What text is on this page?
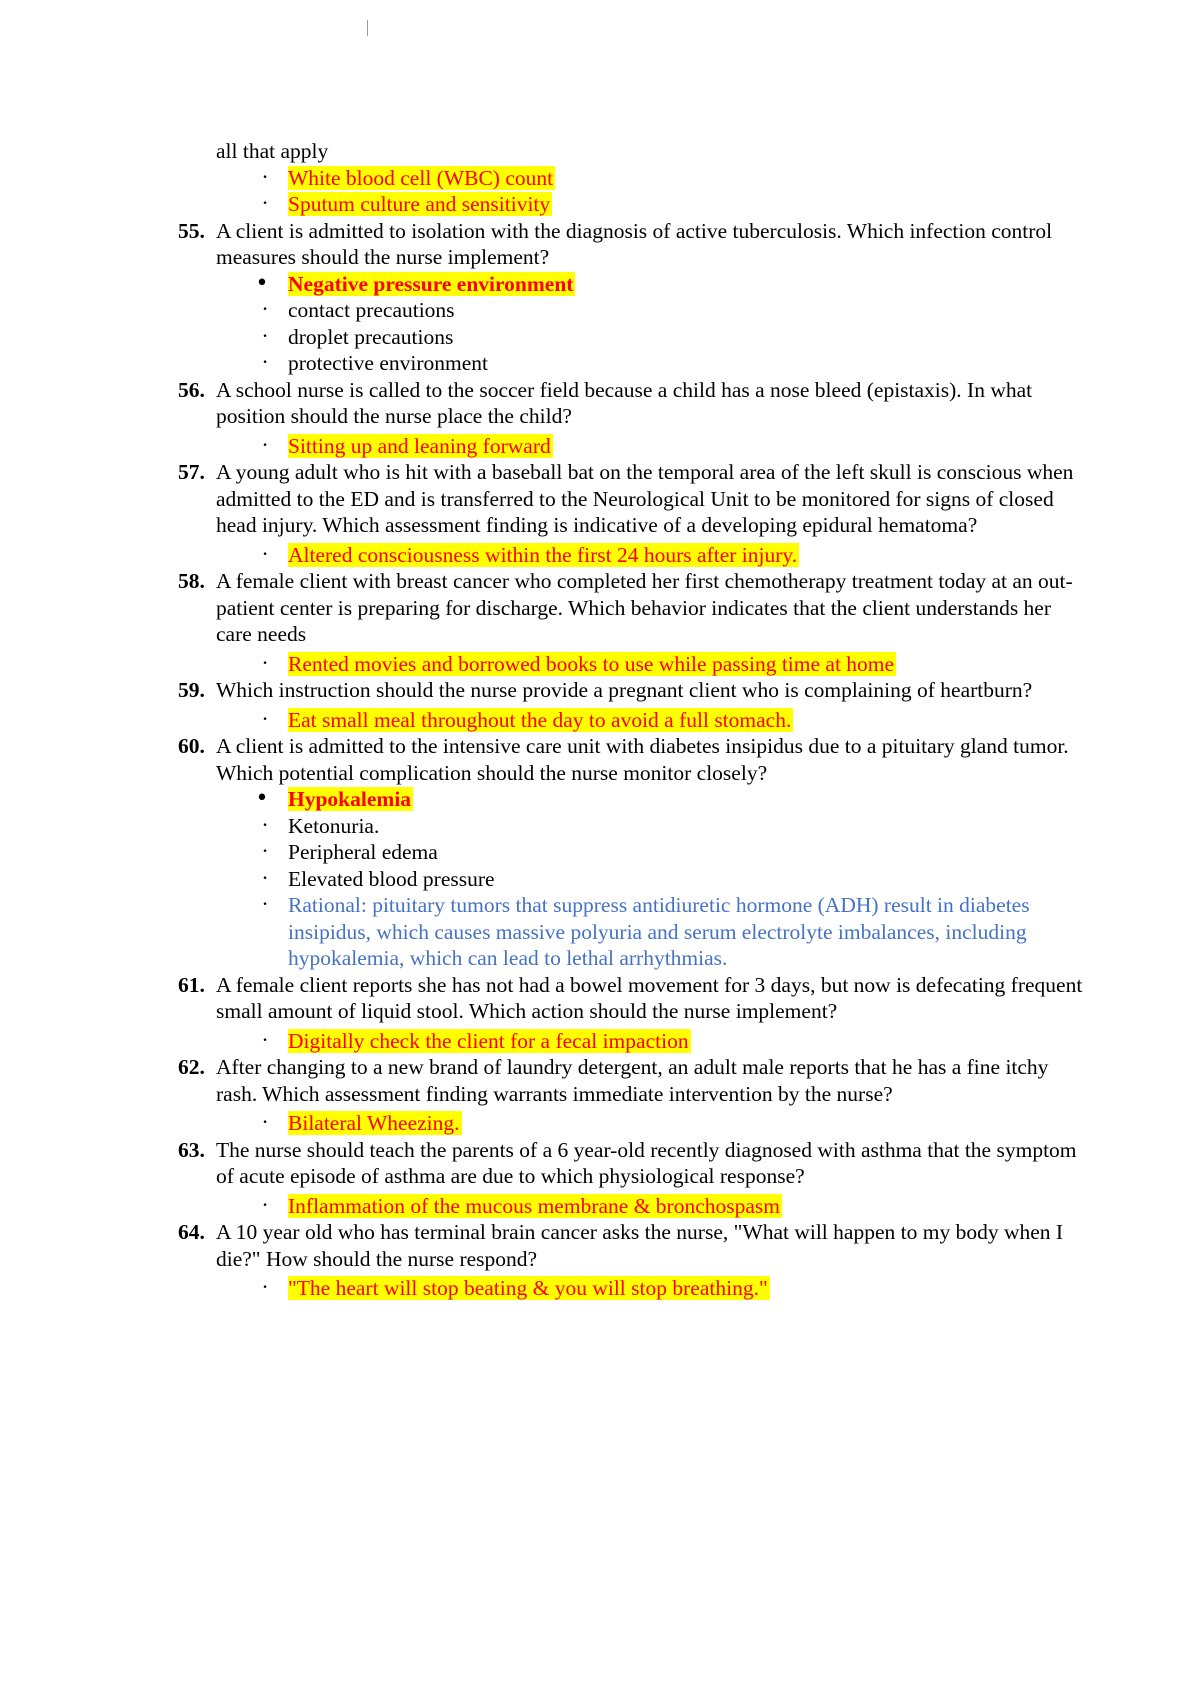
all that apply

• White blood cell (WBC) count
• Sputum culture and sensitivity
55. A client is admitted to isolation with the diagnosis of active tuberculosis. Which infection control measures should the nurse implement?
• Negative pressure environment
• contact precautions
• droplet precautions
• protective environment
56. A school nurse is called to the soccer field because a child has a nose bleed (epistaxis). In what position should the nurse place the child?
• Sitting up and leaning forward
57. A young adult who is hit with a baseball bat on the temporal area of the left skull is conscious when admitted to the ED and is transferred to the Neurological Unit to be monitored for signs of closed head injury. Which assessment finding is indicative of a developing epidural hematoma?
• Altered consciousness within the first 24 hours after injury.
58. A female client with breast cancer who completed her first chemotherapy treatment today at an out-patient center is preparing for discharge. Which behavior indicates that the client understands her care needs
• Rented movies and borrowed books to use while passing time at home
59. Which instruction should the nurse provide a pregnant client who is complaining of heartburn?
• Eat small meal throughout the day to avoid a full stomach.
60. A client is admitted to the intensive care unit with diabetes insipidus due to a pituitary gland tumor. Which potential complication should the nurse monitor closely?
• Hypokalemia
• Ketonuria.
• Peripheral edema
• Elevated blood pressure
• Rational: pituitary tumors that suppress antidiuretic hormone (ADH) result in diabetes insipidus, which causes massive polyuria and serum electrolyte imbalances, including hypokalemia, which can lead to lethal arrhythmias.
61. A female client reports she has not had a bowel movement for 3 days, but now is defecating frequent small amount of liquid stool. Which action should the nurse implement?
• Digitally check the client for a fecal impaction
62. After changing to a new brand of laundry detergent, an adult male reports that he has a fine itchy rash. Which assessment finding warrants immediate intervention by the nurse?
• Bilateral Wheezing.
63. The nurse should teach the parents of a 6 year-old recently diagnosed with asthma that the symptom of acute episode of asthma are due to which physiological response?
• Inflammation of the mucous membrane & bronchospasm
64. A 10 year old who has terminal brain cancer asks the nurse, "What will happen to my body when I die?" How should the nurse respond?
• "The heart will stop beating & you will stop breathing."
